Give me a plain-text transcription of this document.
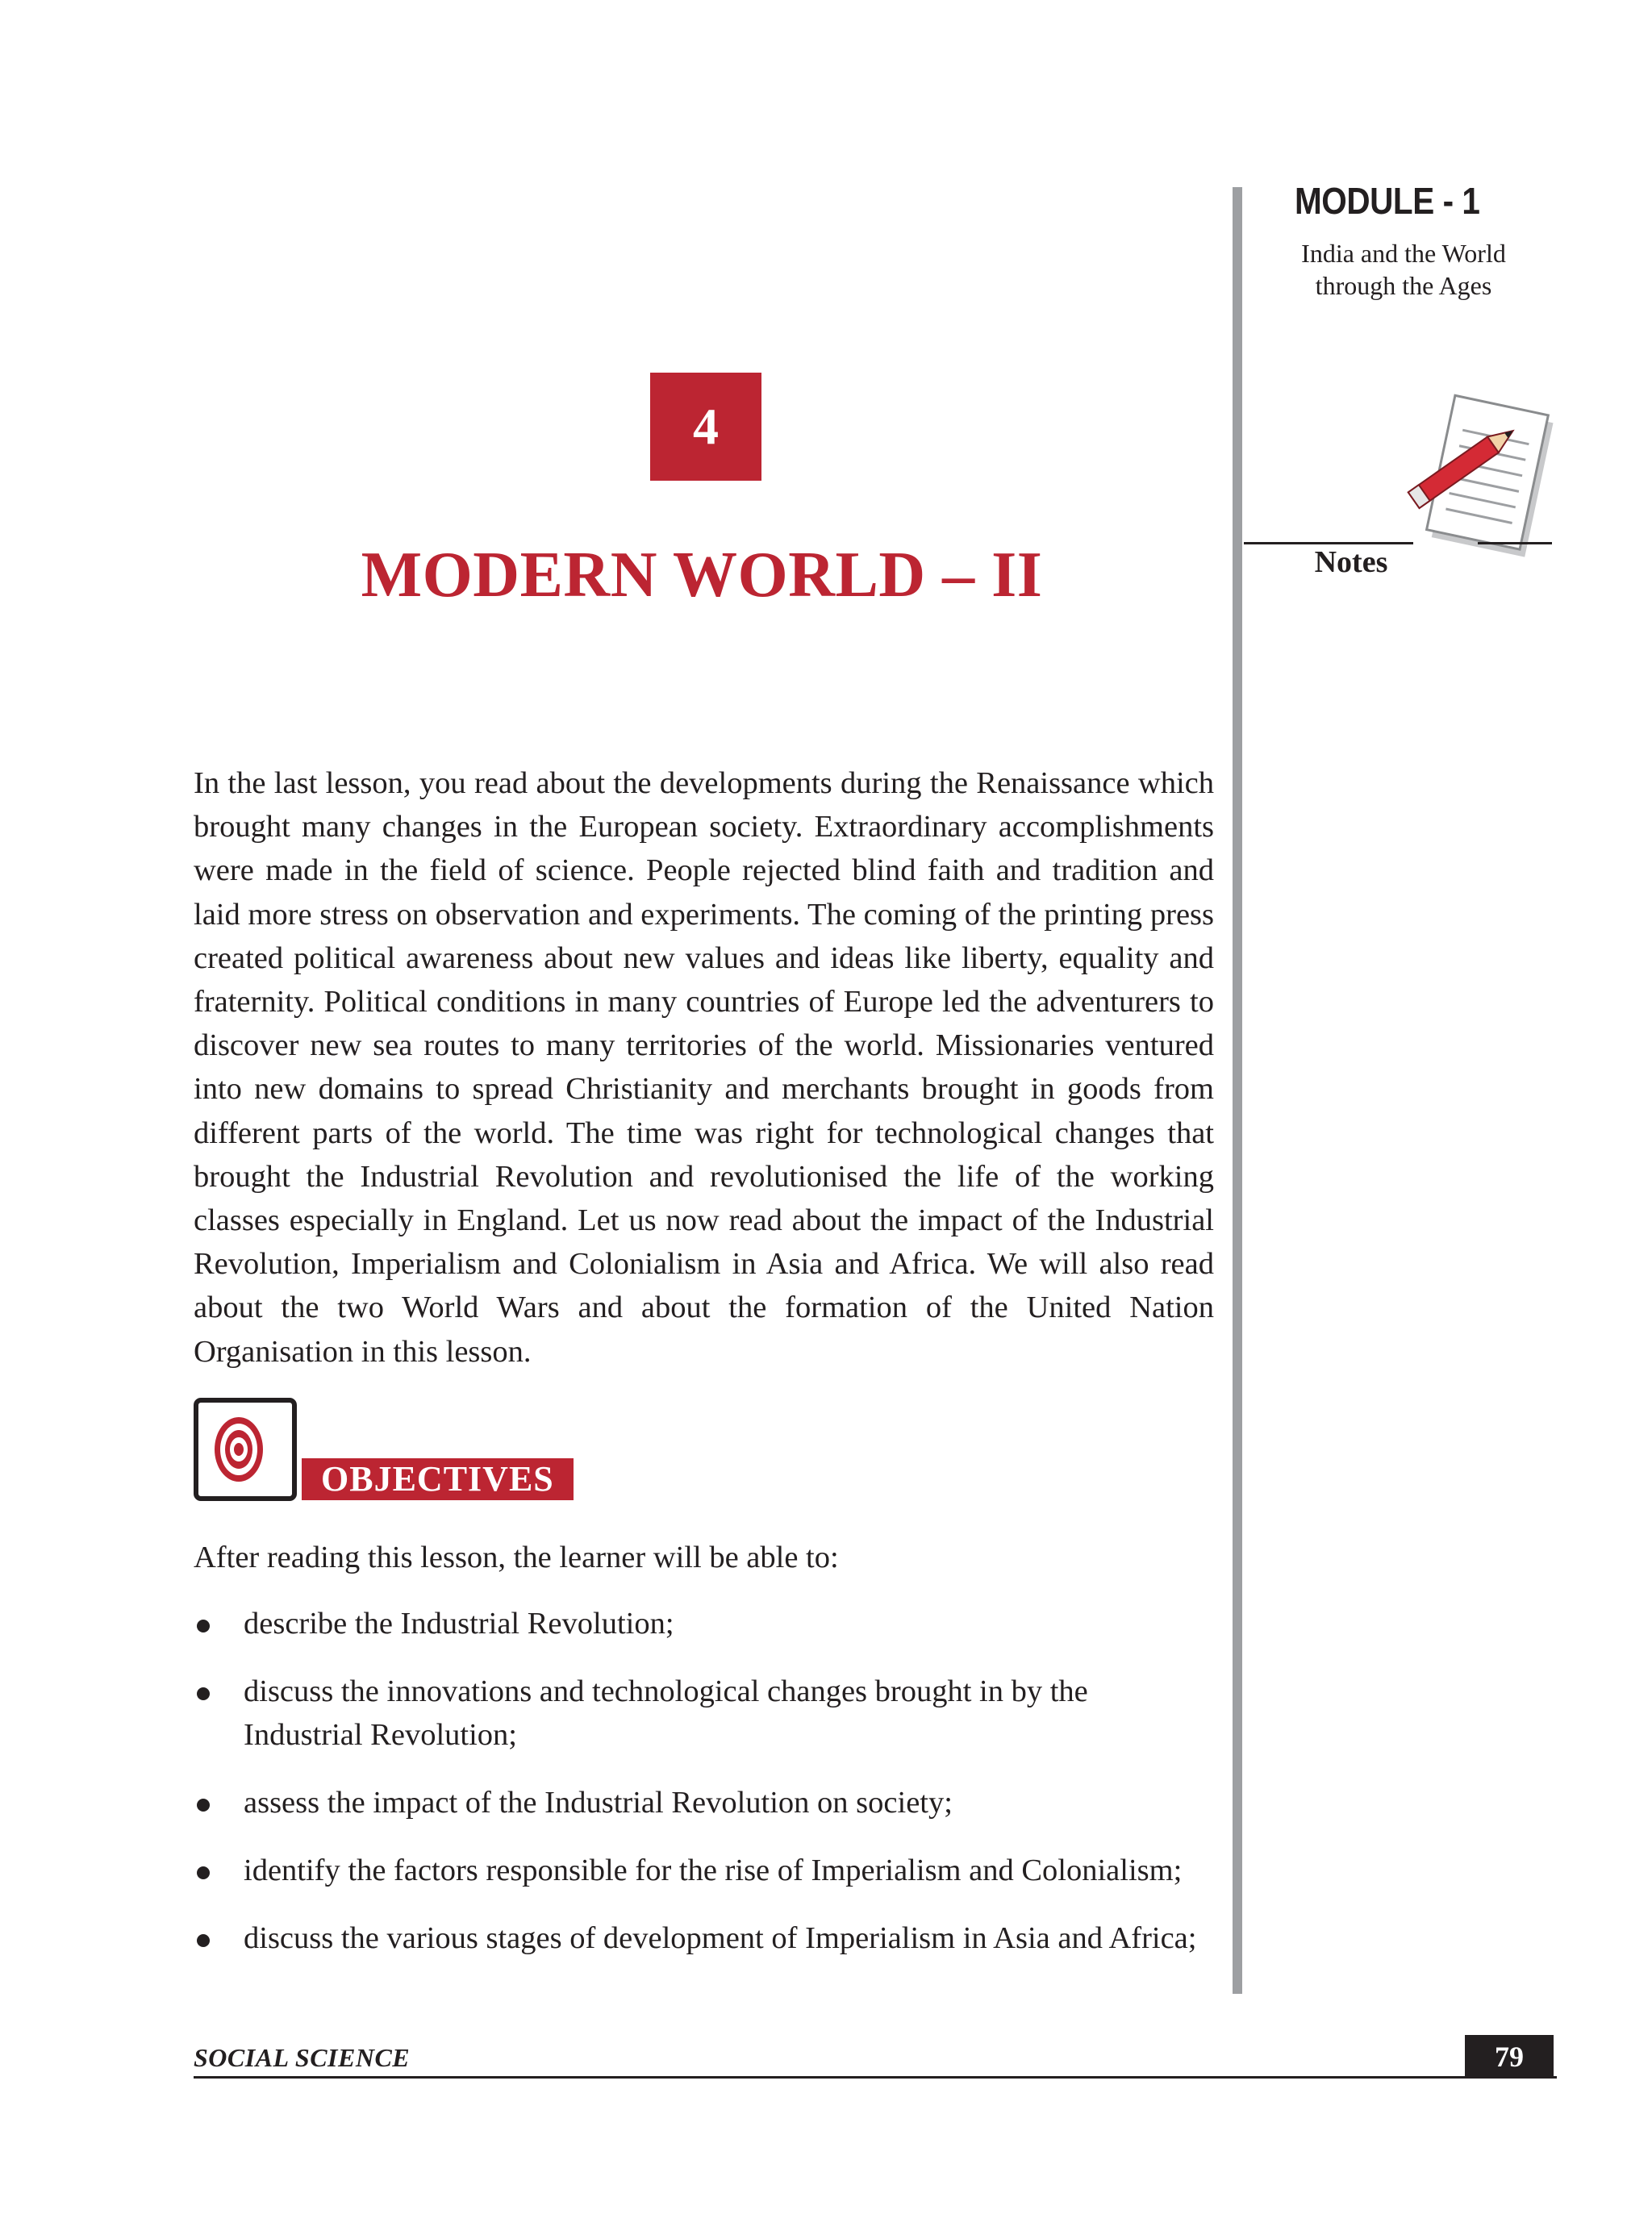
MODULE - 1
India and the World
through the Ages
Notes
4
MODERN WORLD – II

In the last lesson, you read about the developments during the Renaissance which brought many changes in the European society. Extraordinary accomplishments were made in the field of science. People rejected blind faith and tradition and laid more stress on observation and experiments. The coming of the printing press created political awareness about new values and ideas like liberty, equality and fraternity. Political conditions in many countries of Europe led the adventurers to discover new sea routes to many territories of the world. Missionaries ventured into new domains to spread Christianity and merchants brought in goods from different parts of the world. The time was right for technological changes that brought the Industrial Revolution and revolutionised the life of the working classes especially in England. Let us now read about the impact of the Industrial Revolution, Imperialism and Colonialism in Asia and Africa. We will also read about the two World Wars and about the formation of the United Nation Organisation in this lesson.

OBJECTIVES
After reading this lesson, the learner will be able to:
describe the Industrial Revolution;
discuss the innovations and technological changes brought in by the Industrial Revolution;
assess the impact of the Industrial Revolution on society;
identify the factors responsible for the rise of Imperialism and Colonialism;
discuss the various stages of development of Imperialism in Asia and Africa;
SOCIAL SCIENCE	79
